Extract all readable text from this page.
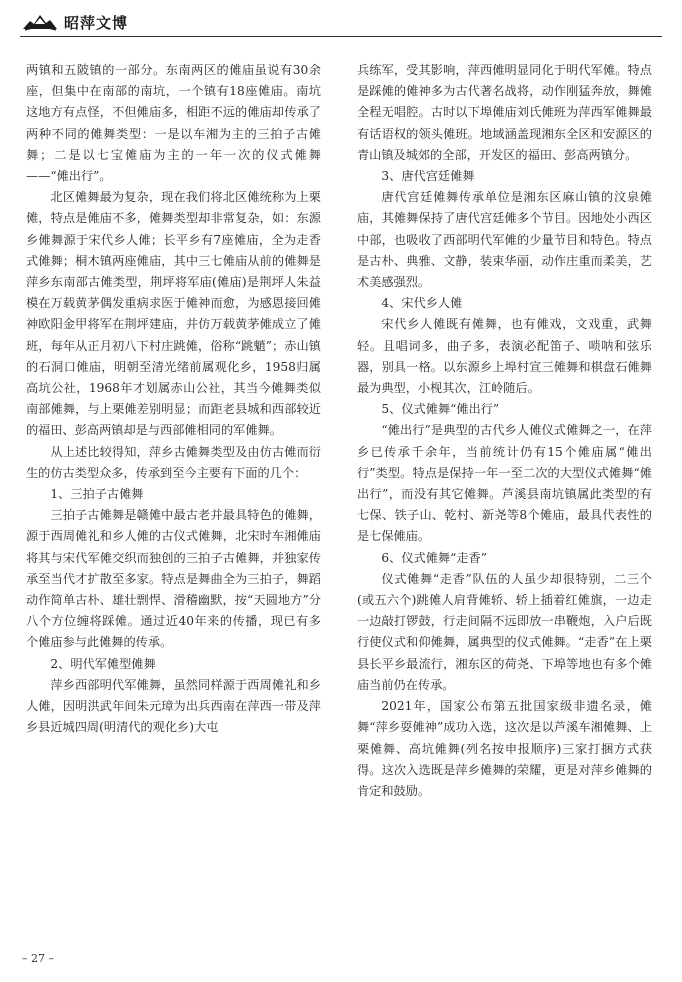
昭萍文博

两镇和五陂镇的一部分。东南两区的傩庙虽说有30余座，但集中在南部的南坑，一个镇有18座傩庙。南坑这地方有点怪，不但傩庙多，相距不远的傩庙却传承了两种不同的傩舞类型：一是以车湘为主的三拍子古傩舞；二是以七宝傩庙为主的一年一次的仪式傩舞——“傩出行”。

北区傩舞最为复杂，现在我们将北区傩统称为上栗傩，特点是傩庙不多，傩舞类型却非常复杂，如：东源乡傩舞源于宋代乡人傩；长平乡有7座傩庙，全为走香式傩舞；桐木镇两座傩庙，其中三七傩庙从前的傩舞是萍乡东南部古傩类型，荆坪将军庙(傩庙)是荆坪人朱益模在万载黄茅偶发重病求医于傩神而愈，为感恩接回傩神欧阳金甲将军在荆坪建庙，并仿万载黄茅傩成立了傩班，每年从正月初八下村庄跳傩，俗称“跳魈”；赤山镇的石洞口傩庙，明朝至清光绪前属观化乡，1958归属高坑公社，1968年才划属赤山公社，其当今傩舞类似南部傩舞，与上栗傩差别明显；而距老县城和西部较近的福田、彭高两镇却是与西部傩相同的军傩舞。

从上述比较得知，萍乡古傩舞类型及由仿古傩而衍生的仿古类型众多，传承到至今主要有下面的几个：

1、三拍子古傩舞

三拍子古傩舞是赣傩中最古老并最具特色的傩舞，源于西周傩礼和乡人傩的古仪式傩舞，北宋时车湘傩庙将其与宋代军傩交织而独创的三拍子古傩舞，并独家传承至当代才扩散至多家。特点是舞曲全为三拍子，舞蹈动作简单古朴、雄壮剽悍、滑稽幽默，按“天圆地方”分八个方位缠将踩傩。通过近40年来的传播，现已有多个傩庙参与此傩舞的传承。

2、明代军傩型傩舞

萍乡西部明代军傩舞，虽然同样源于西周傩礼和乡人傩，因明洪武年间朱元璋为出兵西南在萍西一带及萍乡县近城四周(明清代的观化乡)大屯

兵练军，受其影响，萍西傩明显同化于明代军傩。特点是踩傩的傩神多为古代著名战将，动作刚猛奔放，舞傩全程无唱腔。古时以下埠傩庙刘氏傩班为萍西军傩舞最有话语权的领头傩班。地域涵盖现湘东全区和安源区的青山镇及城郊的全部，开发区的福田、彭高两镇分。

3、唐代宫廷傩舞

唐代宫廷傩舞传承单位是湘东区麻山镇的汶泉傩庙，其傩舞保持了唐代宫廷傩多个节目。因地处小西区中部，也吸收了西部明代军傩的少量节目和特色。特点是古朴、典雅、文静，装束华丽，动作庄重而柔美，艺术美感强烈。

4、宋代乡人傩

宋代乡人傩既有傩舞，也有傩戏，文戏重，武舞轻。且唱词多，曲子多，表演必配笛子、唢呐和弦乐器，别具一格。以东源乡上埠村宣三傩舞和棋盘石傩舞最为典型，小枧其次，江岭随后。

5、仪式傩舞“傩出行”

“傩出行”是典型的古代乡人傩仪式傩舞之一，在萍乡已传承千余年，当前统计仍有15个傩庙属“傩出行”类型。特点是保持一年一至二次的大型仪式傩舞“傩出行”，而没有其它傩舞。芦溪县南坑镇属此类型的有七保、铁子山、乾村、新尧等8个傩庙，最具代表性的是七保傩庙。

6、仪式傩舞“走香”

仪式傩舞“走香”队伍的人虽少却很特别，二三个(或五六个)跳傩人肩背傩轿、轿上插着红傩旗，一边走一边敲打锣鼓，行走间隔不远即放一串鞭炮，入户后既行使仪式和仰傩舞，属典型的仪式傩舞。“走香”在上栗县长平乡最流行，湘东区的荷尧、下埠等地也有多个傩庙当前仍在传承。

2021年，国家公布第五批国家级非遗名录，傩舞“萍乡耍傩神”成功入选，这次是以芦溪车湘傩舞、上栗傩舞、高坑傩舞(列名按申报顺序)三家打捆方式获得。这次入选既是萍乡傩舞的荣耀，更是对萍乡傩舞的肯定和鼓励。

– 27 –
